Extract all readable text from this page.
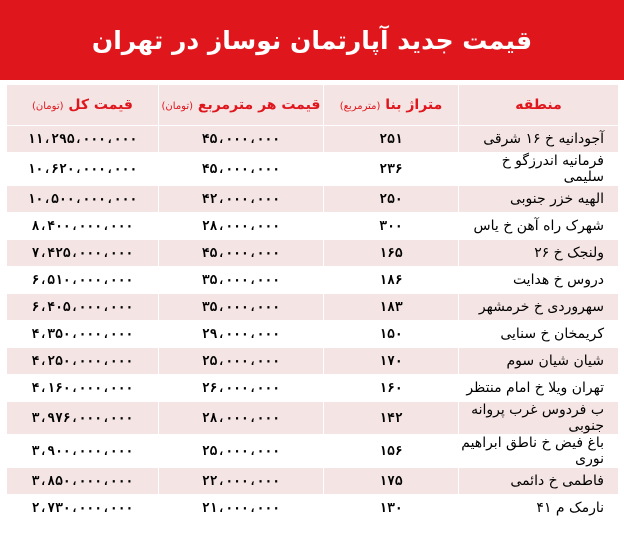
قیمت جدید آپارتمان نوساز در تهران
منطقه	متراژ بنا (مترمربع)	قیمت هر مترمربع (تومان)	قیمت کل (تومان)
آجودانیه خ ۱۶ شرقی	۲۵۱	۴۵،۰۰۰،۰۰۰	۱۱،۲۹۵،۰۰۰،۰۰۰
فرمانیه اندرزگو خ سلیمی	۲۳۶	۴۵،۰۰۰،۰۰۰	۱۰،۶۲۰،۰۰۰،۰۰۰
الهیه خزر جنوبی	۲۵۰	۴۲،۰۰۰،۰۰۰	۱۰،۵۰۰،۰۰۰،۰۰۰
شهرک راه آهن خ یاس	۳۰۰	۲۸،۰۰۰،۰۰۰	۸،۴۰۰،۰۰۰،۰۰۰
ولنجک خ ۲۶	۱۶۵	۴۵،۰۰۰،۰۰۰	۷،۴۲۵،۰۰۰،۰۰۰
دروس خ هدایت	۱۸۶	۳۵،۰۰۰،۰۰۰	۶،۵۱۰،۰۰۰،۰۰۰
سهروردی خ خرمشهر	۱۸۳	۳۵،۰۰۰،۰۰۰	۶،۴۰۵،۰۰۰،۰۰۰
کریمخان خ سنایی	۱۵۰	۲۹،۰۰۰،۰۰۰	۴،۳۵۰،۰۰۰،۰۰۰
شیان شیان سوم	۱۷۰	۲۵،۰۰۰،۰۰۰	۴،۲۵۰،۰۰۰،۰۰۰
تهران ویلا خ امام منتظر	۱۶۰	۲۶،۰۰۰،۰۰۰	۴،۱۶۰،۰۰۰،۰۰۰
ب فردوس غرب پروانه جنوبی	۱۴۲	۲۸،۰۰۰،۰۰۰	۳،۹۷۶،۰۰۰،۰۰۰
باغ فیض خ ناطق ابراهیم نوری	۱۵۶	۲۵،۰۰۰،۰۰۰	۳،۹۰۰،۰۰۰،۰۰۰
فاطمی خ دائمی	۱۷۵	۲۲،۰۰۰،۰۰۰	۳،۸۵۰،۰۰۰،۰۰۰
نارمک م ۴۱	۱۳۰	۲۱،۰۰۰،۰۰۰	۲،۷۳۰،۰۰۰،۰۰۰
